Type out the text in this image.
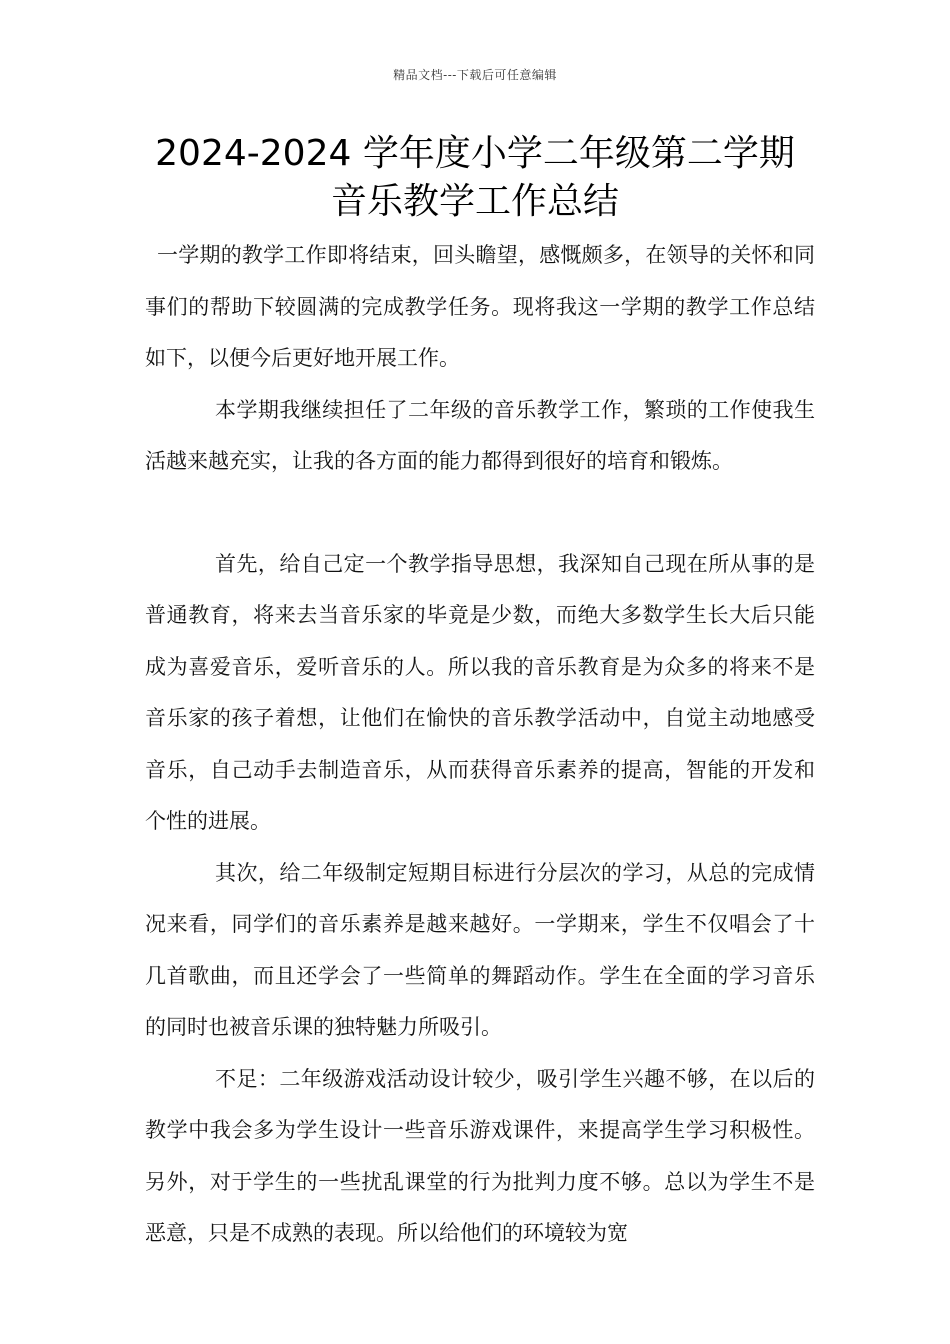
精品文档---下载后可任意编辑
2024-2024 学年度小学二年级第二学期
音乐教学工作总结

一学期的教学工作即将结束，回头瞻望，感慨颇多，在领导的关怀和同事们的帮助下较圆满的完成教学任务。现将我这一学期的教学工作总结如下，以便今后更好地开展工作。

本学期我继续担任了二年级的音乐教学工作，繁琐的工作使我生活越来越充实，让我的各方面的能力都得到很好的培育和锻炼。

首先，给自己定一个教学指导思想，我深知自己现在所从事的是普通教育，将来去当音乐家的毕竟是少数，而绝大多数学生长大后只能成为喜爱音乐，爱听音乐的人。所以我的音乐教育是为众多的将来不是音乐家的孩子着想，让他们在愉快的音乐教学活动中，自觉主动地感受音乐，自己动手去制造音乐，从而获得音乐素养的提高，智能的开发和个性的进展。

其次，给二年级制定短期目标进行分层次的学习，从总的完成情况来看，同学们的音乐素养是越来越好。一学期来，学生不仅唱会了十几首歌曲，而且还学会了一些简单的舞蹈动作。学生在全面的学习音乐的同时也被音乐课的独特魅力所吸引。

不足：二年级游戏活动设计较少，吸引学生兴趣不够，在以后的教学中我会多为学生设计一些音乐游戏课件，来提高学生学习积极性。另外，对于学生的一些扰乱课堂的行为批判力度不够。总以为学生不是恶意，只是不成熟的表现。所以给他们的环境较为宽
